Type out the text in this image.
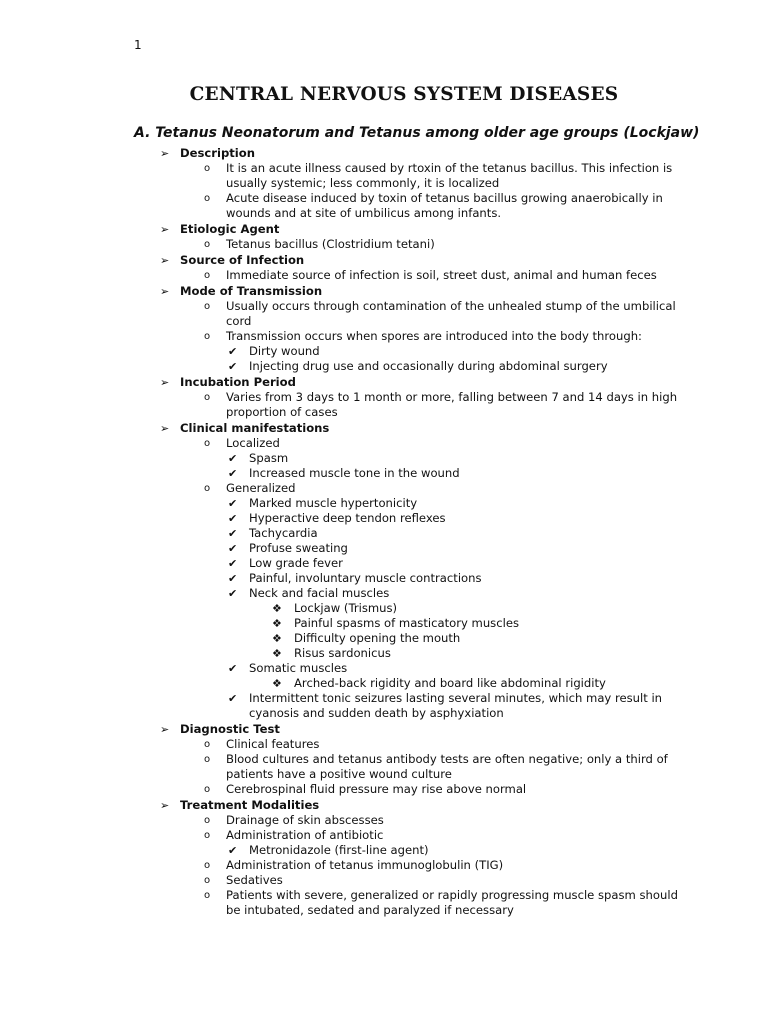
1
CENTRAL NERVOUS SYSTEM DISEASES
A. Tetanus Neonatorum and Tetanus among older age groups (Lockjaw)
➢ Description
o It is an acute illness caused by rtoxin of the tetanus bacillus. This infection is usually systemic; less commonly, it is localized
o Acute disease induced by toxin of tetanus bacillus growing anaerobically in wounds and at site of umbilicus among infants.
➢ Etiologic Agent
o Tetanus bacillus (Clostridium tetani)
➢ Source of Infection
o Immediate source of infection is soil, street dust, animal and human feces
➢ Mode of Transmission
o Usually occurs through contamination of the unhealed stump of the umbilical cord
o Transmission occurs when spores are introduced into the body through:
✔ Dirty wound
✔ Injecting drug use and occasionally during abdominal surgery
➢ Incubation Period
o Varies from 3 days to 1 month or more, falling between 7 and 14 days in high proportion of cases
➢ Clinical manifestations
o Localized
✔ Spasm
✔ Increased muscle tone in the wound
o Generalized
✔ Marked muscle hypertonicity
✔ Hyperactive deep tendon reflexes
✔ Tachycardia
✔ Profuse sweating
✔ Low grade fever
✔ Painful, involuntary muscle contractions
✔ Neck and facial muscles
❖ Lockjaw (Trismus)
❖ Painful spasms of masticatory muscles
❖ Difficulty opening the mouth
❖ Risus sardonicus
✔ Somatic muscles
❖ Arched-back rigidity and board like abdominal rigidity
✔ Intermittent tonic seizures lasting several minutes, which may result in cyanosis and sudden death by asphyxiation
➢ Diagnostic Test
o Clinical features
o Blood cultures and tetanus antibody tests are often negative; only a third of patients have a positive wound culture
o Cerebrospinal fluid pressure may rise above normal
➢ Treatment Modalities
o Drainage of skin abscesses
o Administration of antibiotic
✔ Metronidazole (first-line agent)
o Administration of tetanus immunoglobulin (TIG)
o Sedatives
o Patients with severe, generalized or rapidly progressing muscle spasm should be intubated, sedated and paralyzed if necessary
